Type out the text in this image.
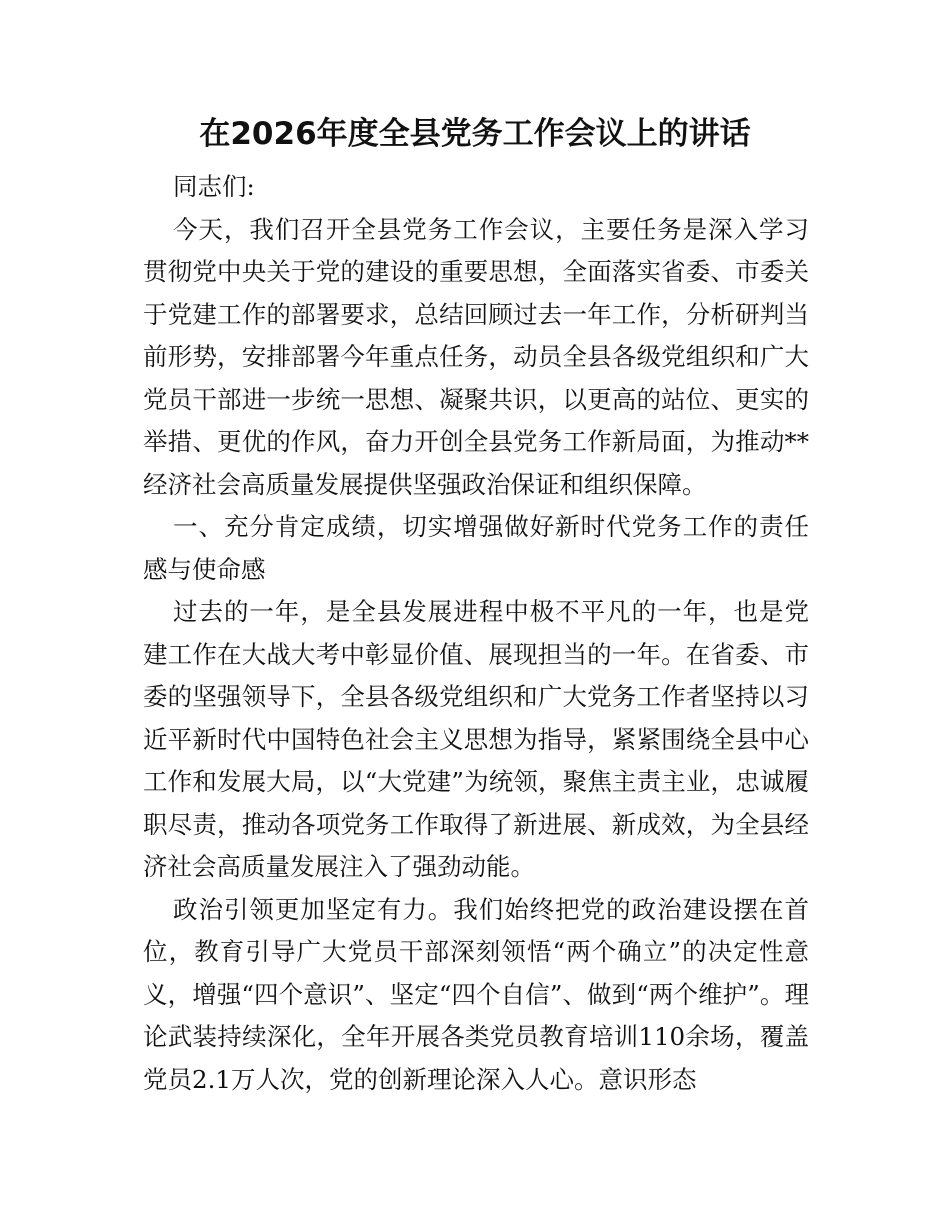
在2026年度全县党务工作会议上的讲话

同志们:

今天，我们召开全县党务工作会议，主要任务是深入学习贯彻党中央关于党的建设的重要思想，全面落实省委、市委关于党建工作的部署要求，总结回顾过去一年工作，分析研判当前形势，安排部署今年重点任务，动员全县各级党组织和广大党员干部进一步统一思想、凝聚共识，以更高的站位、更实的举措、更优的作风，奋力开创全县党务工作新局面，为推动**经济社会高质量发展提供坚强政治保证和组织保障。

一、充分肯定成绩，切实增强做好新时代党务工作的责任感与使命感

过去的一年，是全县发展进程中极不平凡的一年，也是党建工作在大战大考中彰显价值、展现担当的一年。在省委、市委的坚强领导下，全县各级党组织和广大党务工作者坚持以习近平新时代中国特色社会主义思想为指导，紧紧围绕全县中心工作和发展大局，以“大党建”为统领，聚焦主责主业，忠诚履职尽责，推动各项党务工作取得了新进展、新成效，为全县经济社会高质量发展注入了强劲动能。

政治引领更加坚定有力。我们始终把党的政治建设摆在首位，教育引导广大党员干部深刻领悟“两个确立”的决定性意义，增强“四个意识”、坚定“四个自信”、做到“两个维护”。理论武装持续深化，全年开展各类党员教育培训110余场，覆盖党员2.1万人次，党的创新理论深入人心。意识形态
